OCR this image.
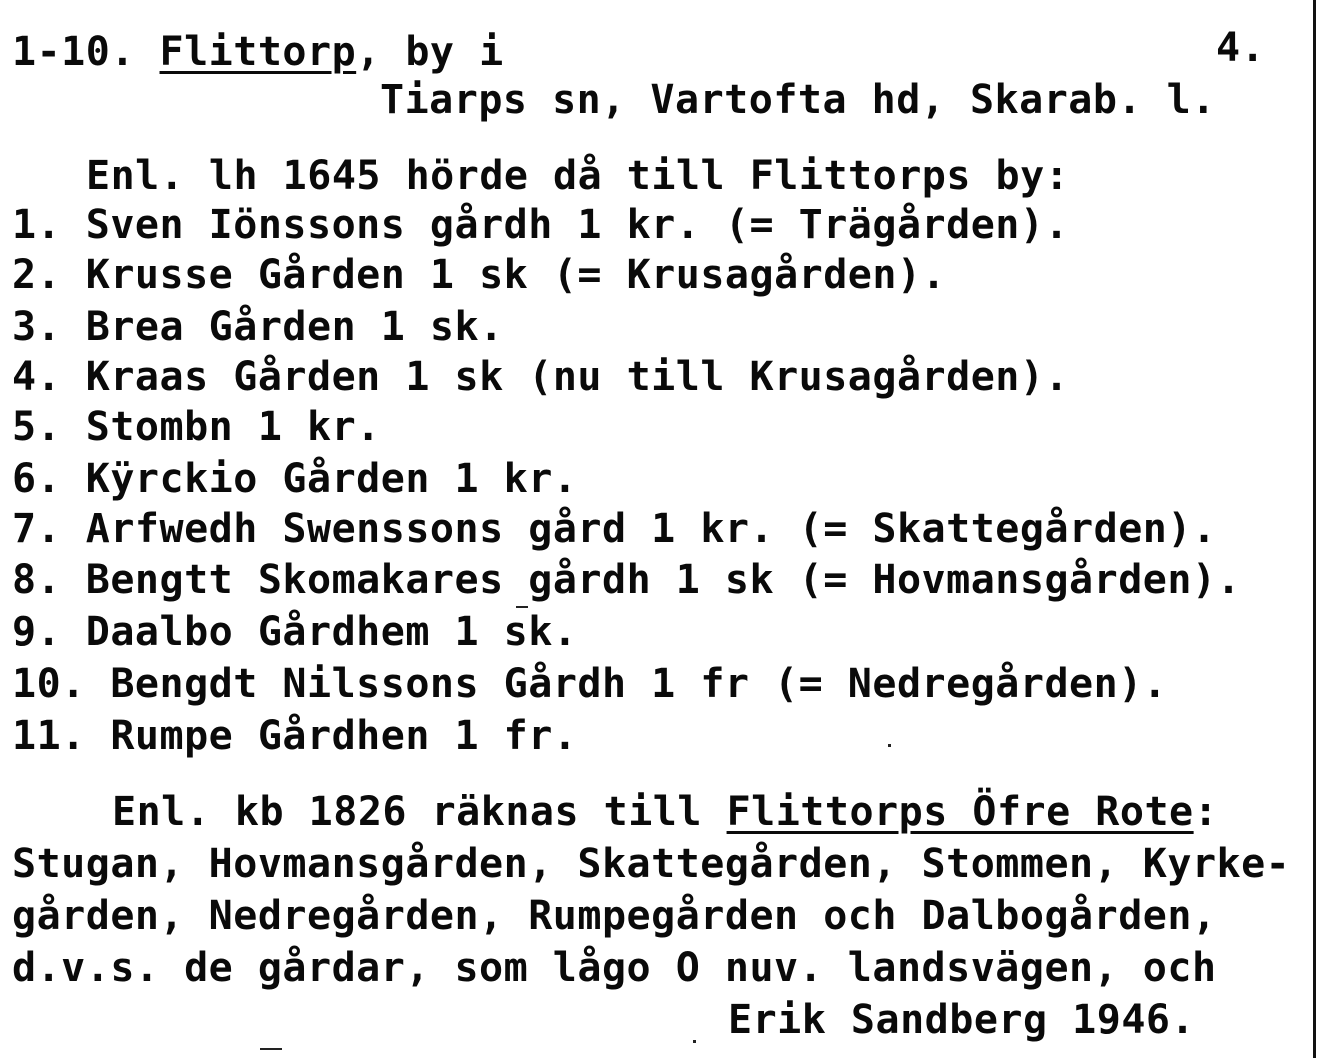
1-10. Flittorp, by i	4.
Tiarps sn, Vartofta hd, Skarab. l.
Enl. lh 1645 hörde då till Flittorps by:
1. Sven Iönssons gårdh 1 kr. (= Trägården).
2. Krusse Gården 1 sk (= Krusagården).
3. Brea Gården 1 sk.
4. Kraas Gården 1 sk (nu till Krusagården).
5. Stombn 1 kr.
6. Kÿrckio Gården 1 kr.
7. Arfwedh Swenssons gård 1 kr. (= Skattegården).
8. Bengtt Skomakares gårdh 1 sk (= Hovmansgården).
9. Daalbo Gårdhem 1 sk.
10. Bengdt Nilssons Gårdh 1 fr (= Nedregården).
11. Rumpe Gårdhen 1 fr.
Enl. kb 1826 räknas till Flittorps Öfre Rote:
Stugan, Hovmansgården, Skattegården, Stommen, Kyrke-
gården, Nedregården, Rumpegården och Dalbogården,
d.v.s. de gårdar, som lågo O nuv. landsvägen, och
Erik Sandberg 1946.
